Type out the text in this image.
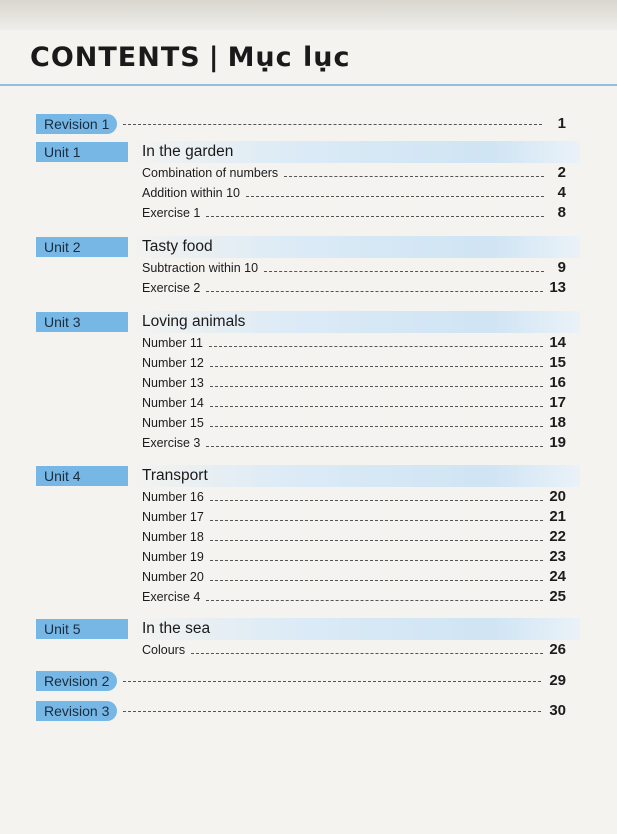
CONTENTS | Mục lục
Revision 1	1
Unit 1	In the garden
Combination of numbers	2
Addition within 10	4
Exercise 1	8
Unit 2	Tasty food
Subtraction within 10	9
Exercise 2	13
Unit 3	Loving animals
Number 11	14
Number 12	15
Number 13	16
Number 14	17
Number 15	18
Exercise 3	19
Unit 4	Transport
Number 16	20
Number 17	21
Number 18	22
Number 19	23
Number 20	24
Exercise 4	25
Unit 5	In the sea
Colours	26
Revision 2	29
Revision 3	30
